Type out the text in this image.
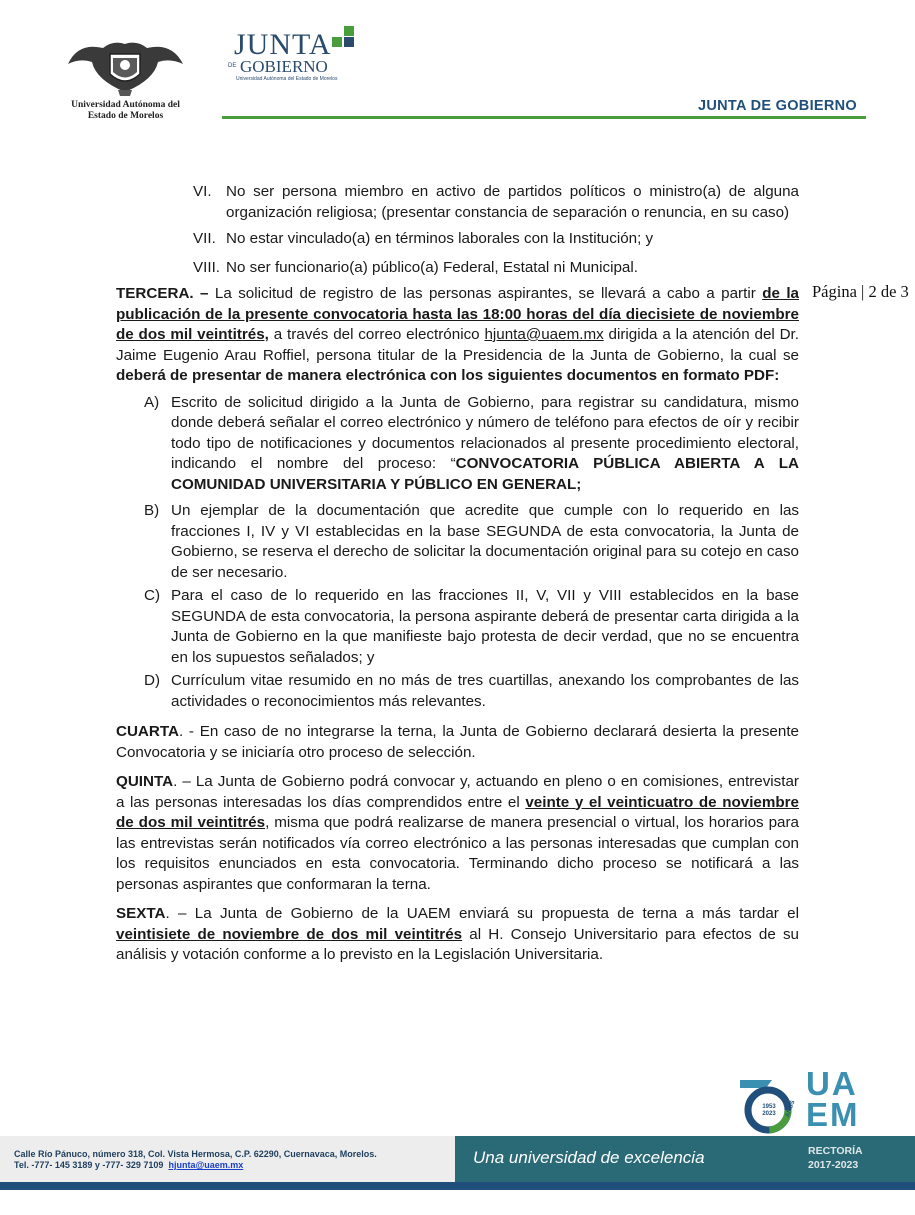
Universidad Autónoma del
Estado de Morelos
JUNTA
DE GOBIERNO
Universidad Autónoma del Estado de Morelos
JUNTA DE GOBIERNO
Página | 2 de 3

VI. No ser persona miembro en activo de partidos políticos o ministro(a) de alguna organización religiosa; (presentar constancia de separación o renuncia, en su caso)

VII. No estar vinculado(a) en términos laborales con la Institución; y

VIII. No ser funcionario(a) público(a) Federal, Estatal ni Municipal.

TERCERA. – La solicitud de registro de las personas aspirantes, se llevará a cabo a partir de la publicación de la presente convocatoria hasta las 18:00 horas del día diecisiete de noviembre de dos mil veintitrés, a través del correo electrónico hjunta@uaem.mx dirigida a la atención del Dr. Jaime Eugenio Arau Roffiel, persona titular de la Presidencia de la Junta de Gobierno, la cual se deberá de presentar de manera electrónica con los siguientes documentos en formato PDF:

A) Escrito de solicitud dirigido a la Junta de Gobierno, para registrar su candidatura, mismo donde deberá señalar el correo electrónico y número de teléfono para efectos de oír y recibir todo tipo de notificaciones y documentos relacionados al presente procedimiento electoral, indicando el nombre del proceso: “CONVOCATORIA PÚBLICA ABIERTA A LA COMUNIDAD UNIVERSITARIA Y PÚBLICO EN GENERAL;

B) Un ejemplar de la documentación que acredite que cumple con lo requerido en las fracciones I, IV y VI establecidas en la base SEGUNDA de esta convocatoria, la Junta de Gobierno, se reserva el derecho de solicitar la documentación original para su cotejo en caso de ser necesario.

C) Para el caso de lo requerido en las fracciones II, V, VII y VIII establecidos en la base SEGUNDA de esta convocatoria, la persona aspirante deberá de presentar carta dirigida a la Junta de Gobierno en la que manifieste bajo protesta de decir verdad, que no se encuentra en los supuestos señalados; y

D) Currículum vitae resumido en no más de tres cuartillas, anexando los comprobantes de las actividades o reconocimientos más relevantes.

CUARTA. - En caso de no integrarse la terna, la Junta de Gobierno declarará desierta la presente Convocatoria y se iniciaría otro proceso de selección.

QUINTA. – La Junta de Gobierno podrá convocar y, actuando en pleno o en comisiones, entrevistar a las personas interesadas los días comprendidos entre el veinte y el veinticuatro de noviembre de dos mil veintitrés, misma que podrá realizarse de manera presencial o virtual, los horarios para las entrevistas serán notificados vía correo electrónico a las personas interesadas que cumplan con los requisitos enunciados en esta convocatoria. Terminando dicho proceso se notificará a las personas aspirantes que conformaran la terna.

SEXTA. – La Junta de Gobierno de la UAEM enviará su propuesta de terna a más tardar el veintisiete de noviembre de dos mil veintitrés al H. Consejo Universitario para efectos de su análisis y votación conforme a lo previsto en la Legislación Universitaria.

1953 2023	AÑOS
UA
EM
Calle Río Pánuco, número 318, Col. Vista Hermosa, C.P. 62290, Cuernavaca, Morelos.
Tel. -777- 145 3189 y -777- 329 7109 hjunta@uaem.mx	Una universidad de excelencia	RECTORÍA
2017-2023
